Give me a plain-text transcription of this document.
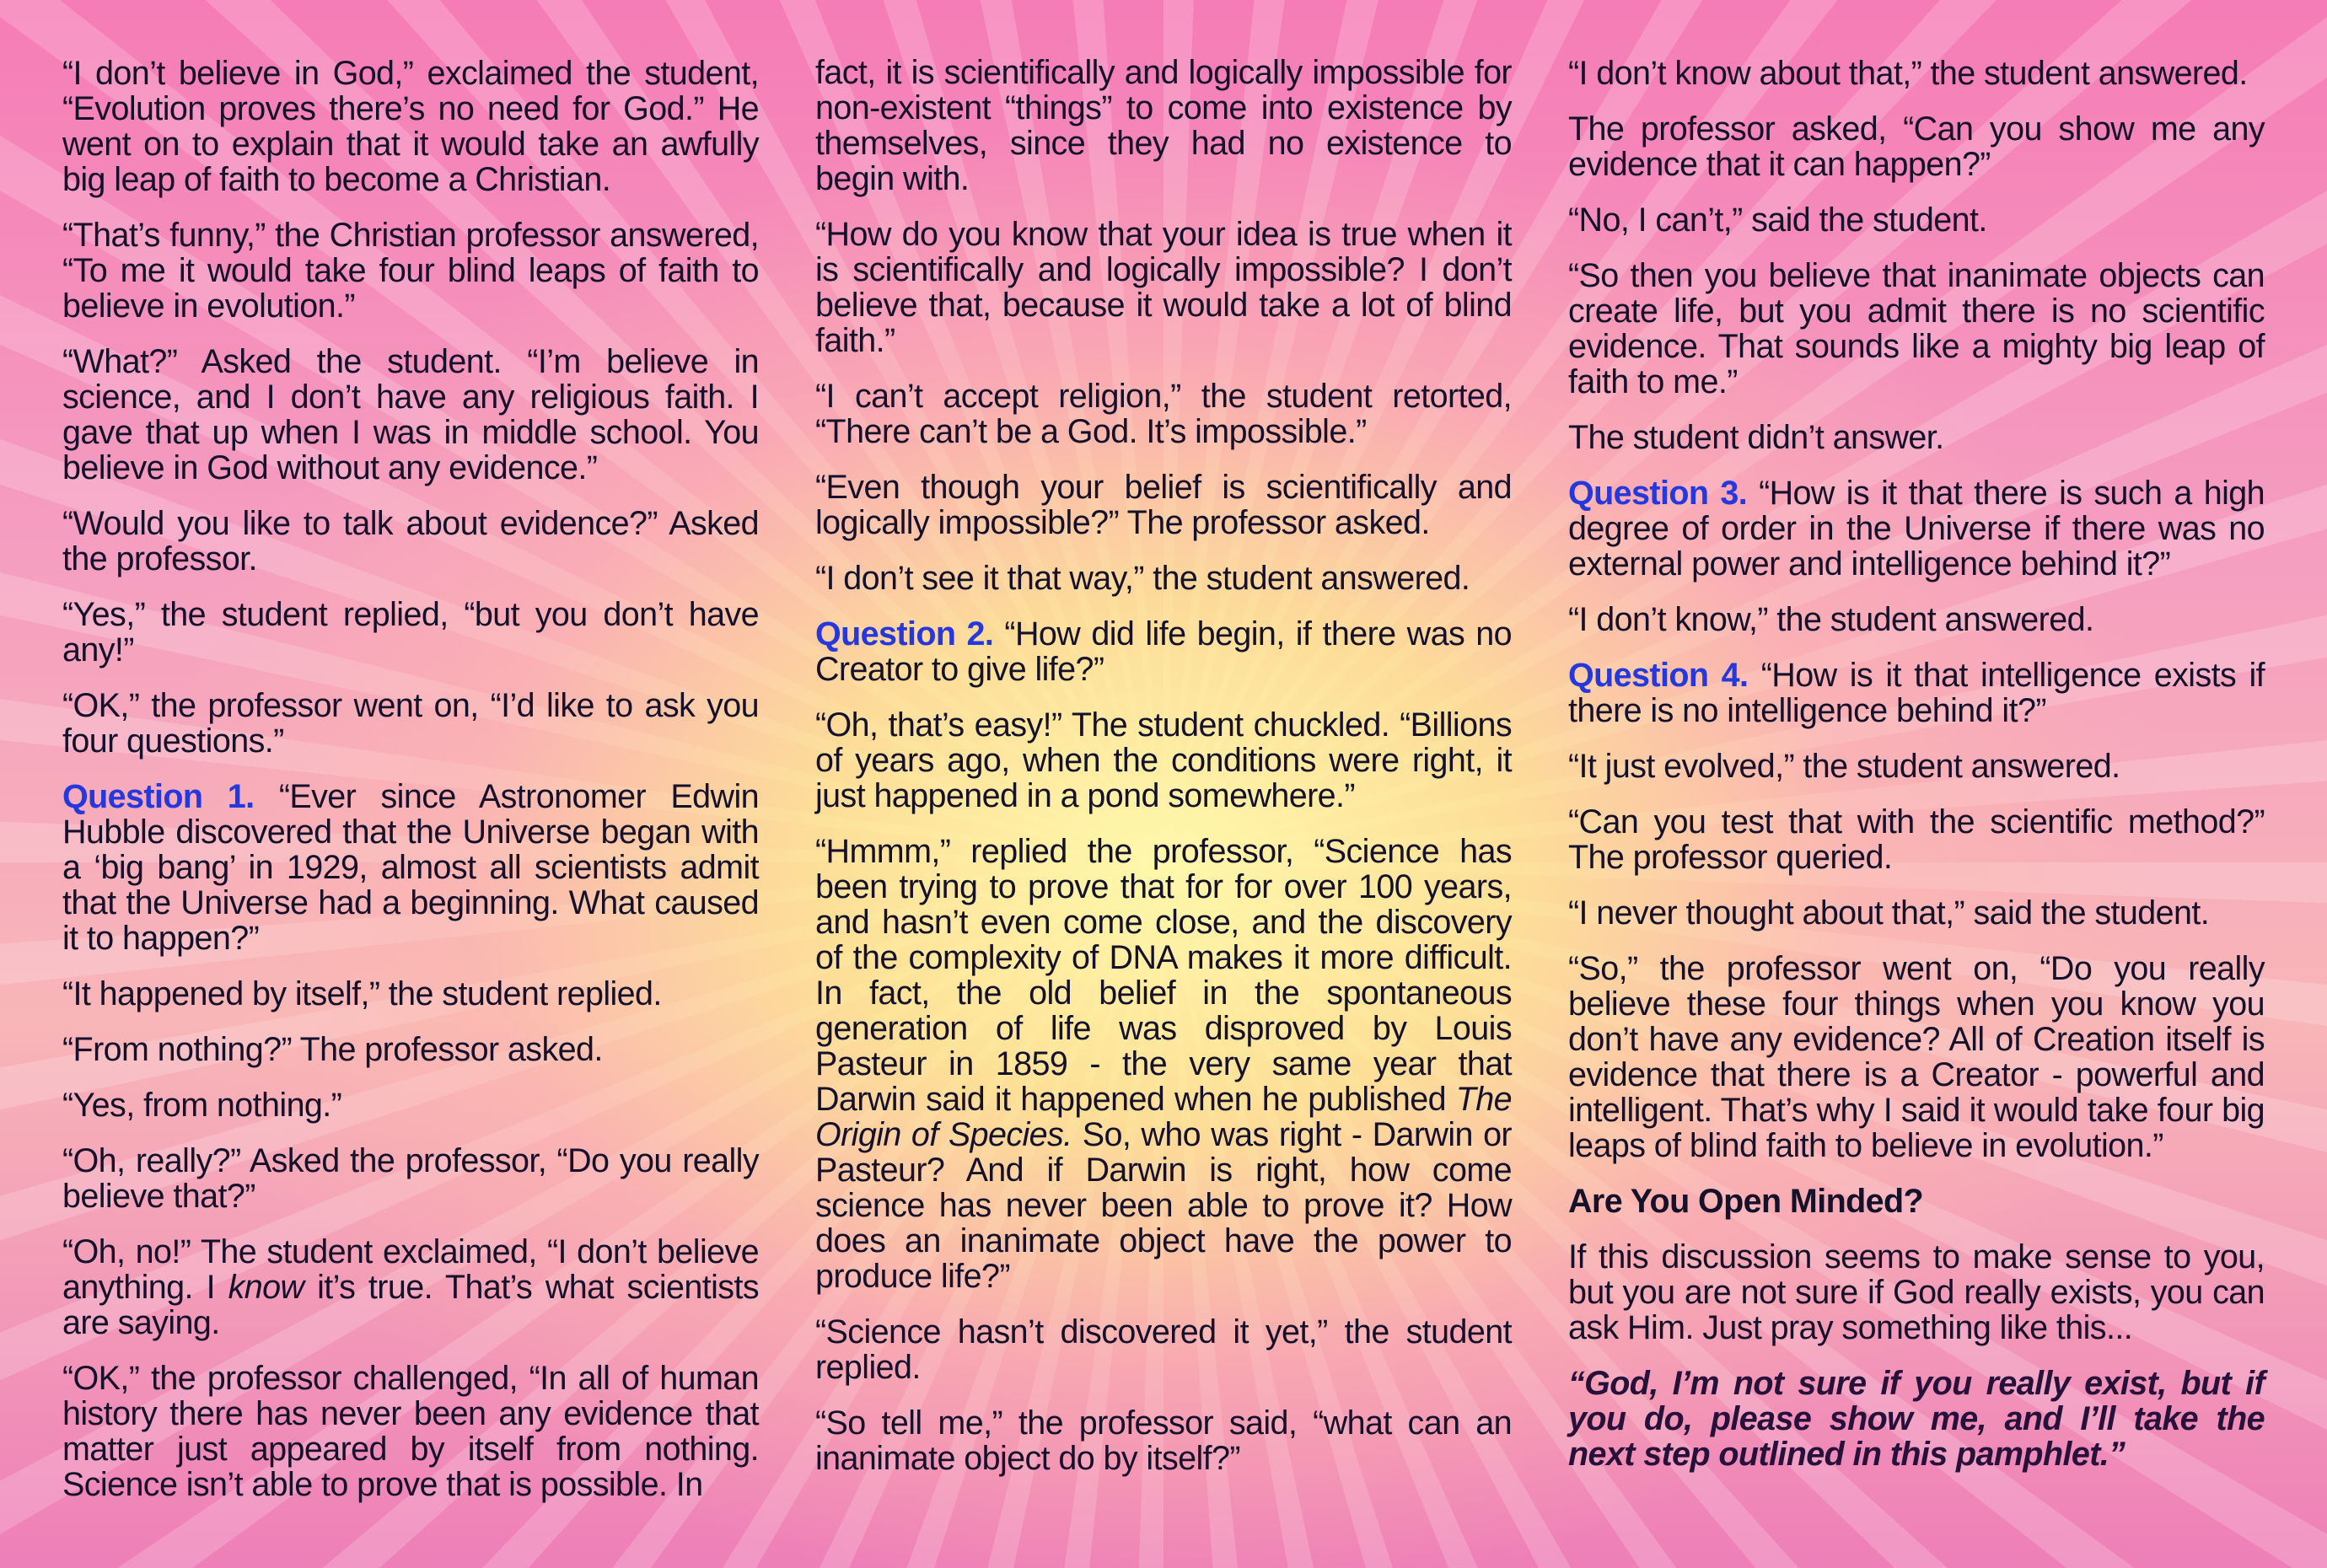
“I don’t believe in God,” exclaimed the student, “Evolution proves there’s no need for God.” He went on to explain that it would take an awfully big leap of faith to become a Christian.

“That’s funny,” the Christian professor answered, “To me it would take four blind leaps of faith to believe in evolution.”

“What?” Asked the student. “I’m believe in science, and I don’t have any religious faith. I gave that up when I was in middle school. You believe in God without any evidence.”

“Would you like to talk about evidence?” Asked the professor.

“Yes,” the student replied, “but you don’t have any!”

“OK,” the professor went on, “I’d like to ask you four questions.”

Question 1. “Ever since Astronomer Edwin Hubble discovered that the Universe began with a ‘big bang’ in 1929, almost all scientists admit that the Universe had a beginning. What caused it to happen?”

“It happened by itself,” the student replied.

“From nothing?” The professor asked.

“Yes, from nothing.”

“Oh, really?” Asked the professor, “Do you really believe that?”

“Oh, no!” The student exclaimed, “I don’t believe anything. I know it’s true. That’s what scientists are saying.

“OK,” the professor challenged, “In all of human history there has never been any evidence that matter just appeared by itself from nothing. Science isn’t able to prove that is possible. In

fact, it is scientifically and logically impossible for non-existent “things” to come into existence by themselves, since they had no existence to begin with.

“How do you know that your idea is true when it is scientifically and logically impossible? I don’t believe that, because it would take a lot of blind faith.”

“I can’t accept religion,” the student retorted, “There can’t be a God. It’s impossible.”

“Even though your belief is scientifically and logically impossible?” The professor asked.

“I don’t see it that way,” the student answered.

Question 2. “How did life begin, if there was no Creator to give life?”

“Oh, that’s easy!” The student chuckled. “Billions of years ago, when the conditions were right, it just happened in a pond somewhere.”

“Hmmm,” replied the professor, “Science has been trying to prove that for for over 100 years, and hasn’t even come close, and the discovery of the complexity of DNA makes it more difficult. In fact, the old belief in the spontaneous generation of life was disproved by Louis Pasteur in 1859 - the very same year that Darwin said it happened when he published The Origin of Species. So, who was right - Darwin or Pasteur? And if Darwin is right, how come science has never been able to prove it? How does an inanimate object have the power to produce life?”

“Science hasn’t discovered it yet,” the student replied.

“So tell me,” the professor said, “what can an inanimate object do by itself?”

“I don’t know about that,” the student answered.

The professor asked, “Can you show me any evidence that it can happen?”

“No, I can’t,” said the student.

“So then you believe that inanimate objects can create life, but you admit there is no scientific evidence. That sounds like a mighty big leap of faith to me.”

The student didn’t answer.

Question 3. “How is it that there is such a high degree of order in the Universe if there was no external power and intelligence behind it?”

“I don’t know,” the student answered.

Question 4. “How is it that intelligence exists if there is no intelligence behind it?”

“It just evolved,” the student answered.

“Can you test that with the scientific method?” The professor queried.

“I never thought about that,” said the student.

“So,” the professor went on, “Do you really believe these four things when you know you don’t have any evidence? All of Creation itself is evidence that there is a Creator - powerful and intelligent. That’s why I said it would take four big leaps of blind faith to believe in evolution.”

Are You Open Minded?

If this discussion seems to make sense to you, but you are not sure if God really exists, you can ask Him. Just pray something like this...

“God, I’m not sure if you really exist, but if you do, please show me, and I’ll take the next step outlined in this pamphlet.”
